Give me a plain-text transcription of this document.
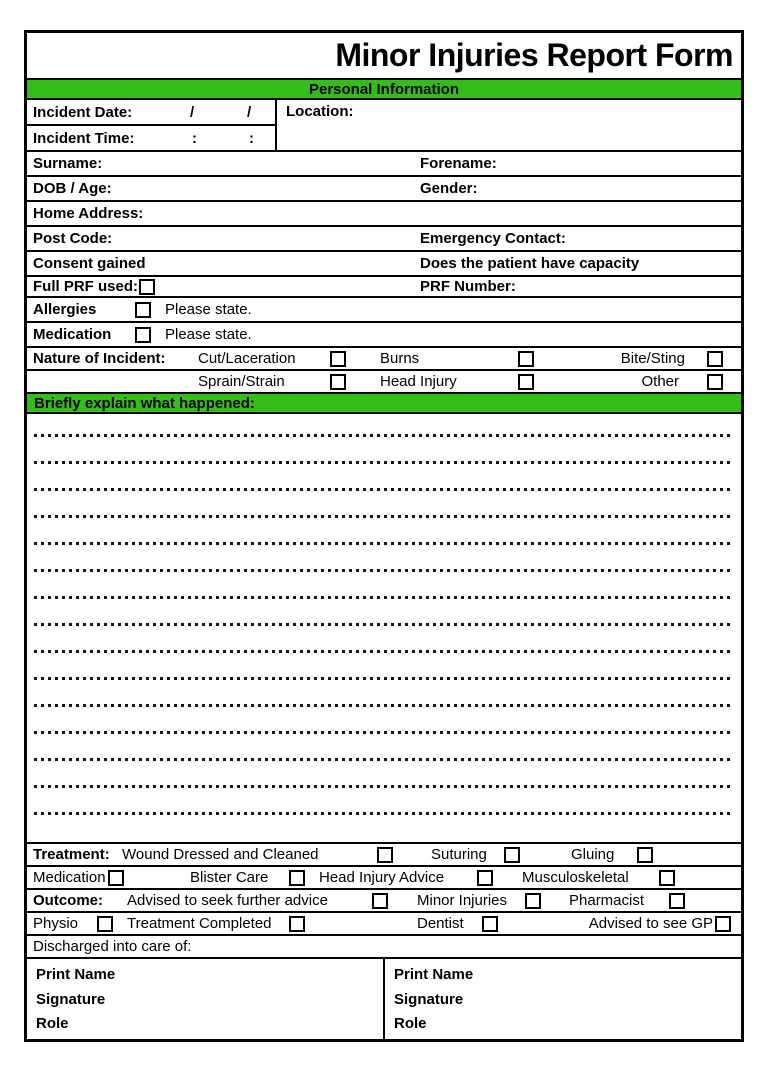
Minor Injuries Report Form
Personal Information
Incident Date:	/	/
Incident Time:	:	:
Location:
Surname:	Forename:
DOB / Age:	Gender:
Home Address:
Post Code:	Emergency Contact:
Consent gained	Does the patient have capacity
Full PRF used:	PRF Number:
Allergies	Please state.
Medication	Please state.
Nature of Incident: Cut/Laceration	Burns	Bite/Sting
Sprain/Strain	Head Injury	Other
Briefly explain what happened:
Treatment: Wound Dressed and Cleaned	Suturing	Gluing
Medication	Blister Care	Head Injury Advice	Musculoskeletal
Outcome: Advised to seek further advice	Minor Injuries	Pharmacist
Physio	Treatment Completed	Dentist	Advised to see GP
Discharged into care of:
Print Name
Signature
Role
Print Name
Signature
Role
